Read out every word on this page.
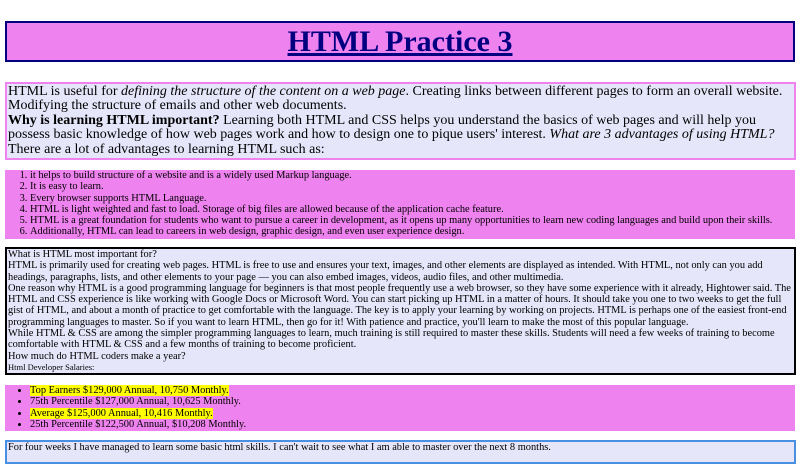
HTML Practice 3
HTML is useful for defining the structure of the content on a web page. Creating links between different pages to form an overall website. Modifying the structure of emails and other web documents.
Why is learning HTML important? Learning both HTML and CSS helps you understand the basics of web pages and will help you possess basic knowledge of how web pages work and how to design one to pique users' interest. What are 3 advantages of using HTML? There are a lot of advantages to learning HTML such as:
1. it helps to build structure of a website and is a widely used Markup language.
2. It is easy to learn.
3. Every browser supports HTML Language.
4. HTML is light weighted and fast to load. Storage of big files are allowed because of the application cache feature.
5. HTML is a great foundation for students who want to pursue a career in development, as it opens up many opportunities to learn new coding languages and build upon their skills.
6. Additionally, HTML can lead to careers in web design, graphic design, and even user experience design.
What is HTML most important for?
HTML is primarily used for creating web pages. HTML is free to use and ensures your text, images, and other elements are displayed as intended. With HTML, not only can you add headings, paragraphs, lists, and other elements to your page — you can also embed images, videos, audio files, and other multimedia.
One reason why HTML is a good programming language for beginners is that most people frequently use a web browser, so they have some experience with it already, Hightower said. The HTML and CSS experience is like working with Google Docs or Microsoft Word. You can start picking up HTML in a matter of hours. It should take you one to two weeks to get the full gist of HTML, and about a month of practice to get comfortable with the language. The key is to apply your learning by working on projects. HTML is perhaps one of the easiest front-end programming languages to master. So if you want to learn HTML, then go for it! With patience and practice, you'll learn to make the most of this popular language.
While HTML & CSS are among the simpler programming languages to learn, much training is still required to master these skills. Students will need a few weeks of training to become comfortable with HTML & CSS and a few months of training to become proficient.
How much do HTML coders make a year?
Html Developer Salaries:
• Top Earners $129,000 Annual, 10,750 Monthly.
• 75th Percentile $127,000 Annual, 10,625 Monthly.
• Average $125,000 Annual, 10,416 Monthly.
• 25th Percentile $122,500 Annual, $10,208 Monthly.
For four weeks I have managed to learn some basic html skills. I can't wait to see what I am able to master over the next 8 months.
